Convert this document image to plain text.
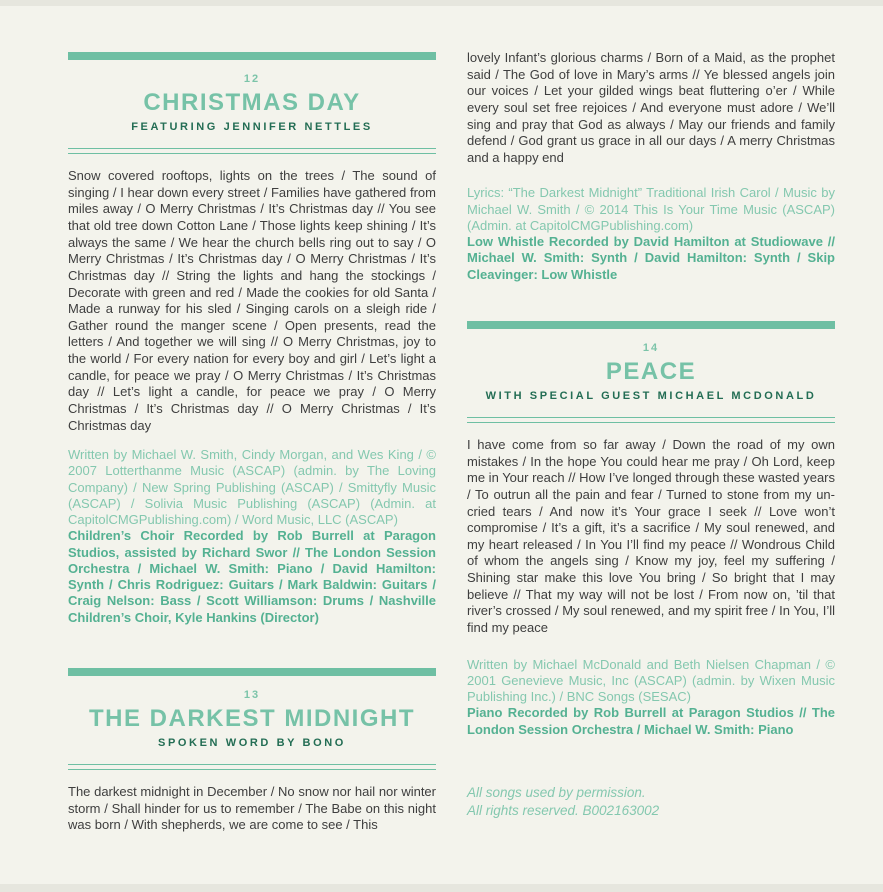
12
CHRISTMAS DAY
FEATURING JENNIFER NETTLES

Snow covered rooftops, lights on the trees / The sound of singing / I hear down every street / Families have gathered from miles away / O Merry Christmas / It’s Christmas day // You see that old tree down Cotton Lane / Those lights keep shining / It’s always the same / We hear the church bells ring out to say / O Merry Christmas / It’s Christmas day / O Merry Christmas / It’s Christmas day // String the lights and hang the stockings / Decorate with green and red / Made the cookies for old Santa / Made a runway for his sled / Singing carols on a sleigh ride / Gather round the manger scene / Open presents, read the letters / And together we will sing // O Merry Christmas, joy to the world / For every nation for every boy and girl / Let’s light a candle, for peace we pray / O Merry Christmas / It’s Christmas day // Let’s light a candle, for peace we pray / O Merry Christmas / It’s Christmas day // O Merry Christmas / It’s Christmas day

Written by Michael W. Smith, Cindy Morgan, and Wes King / © 2007 Lotterthanme Music (ASCAP) (admin. by The Loving Company) / New Spring Publishing (ASCAP) / Smittyfly Music (ASCAP) / Solivia Music Publishing (ASCAP) (Admin. at CapitolCMGPublishing.com) / Word Music, LLC (ASCAP)

Children’s Choir Recorded by Rob Burrell at Paragon Studios, assisted by Richard Swor // The London Session Orchestra / Michael W. Smith: Piano / David Hamilton: Synth / Chris Rodriguez: Guitars / Mark Baldwin: Guitars / Craig Nelson: Bass / Scott Williamson: Drums / Nashville Children’s Choir, Kyle Hankins (Director)

13
THE DARKEST MIDNIGHT
SPOKEN WORD BY BONO

The darkest midnight in December / No snow nor hail nor winter storm / Shall hinder for us to remember / The Babe on this night was born / With shepherds, we are come to see / This

lovely Infant’s glorious charms / Born of a Maid, as the prophet said / The God of love in Mary’s arms // Ye blessed angels join our voices / Let your gilded wings beat fluttering o’er / While every soul set free rejoices / And everyone must adore / We’ll sing and pray that God as always / May our friends and family defend / God grant us grace in all our days / A merry Christmas and a happy end

Lyrics: “The Darkest Midnight” Traditional Irish Carol / Music by Michael W. Smith / © 2014 This Is Your Time Music (ASCAP) (Admin. at CapitolCMGPublishing.com)

Low Whistle Recorded by David Hamilton at Studiowave // Michael W. Smith: Synth / David Hamilton: Synth / Skip Cleavinger: Low Whistle

14
PEACE
WITH SPECIAL GUEST MICHAEL MCDONALD

I have come from so far away / Down the road of my own mistakes / In the hope You could hear me pray / Oh Lord, keep me in Your reach // How I’ve longed through these wasted years / To outrun all the pain and fear / Turned to stone from my un-cried tears / And now it’s Your grace I seek // Love won’t compromise / It’s a gift, it’s a sacrifice / My soul renewed, and my heart released / In You I’ll find my peace // Wondrous Child of whom the angels sing / Know my joy, feel my suffering / Shining star make this love You bring / So bright that I may believe // That my way will not be lost / From now on, ’til that river’s crossed / My soul renewed, and my spirit free / In You, I’ll find my peace

Written by Michael McDonald and Beth Nielsen Chapman / © 2001 Genevieve Music, Inc (ASCAP) (admin. by Wixen Music Publishing Inc.) / BNC Songs (SESAC)

Piano Recorded by Rob Burrell at Paragon Studios // The London Session Orchestra / Michael W. Smith: Piano

All songs used by permission.
All rights reserved. B002163002
